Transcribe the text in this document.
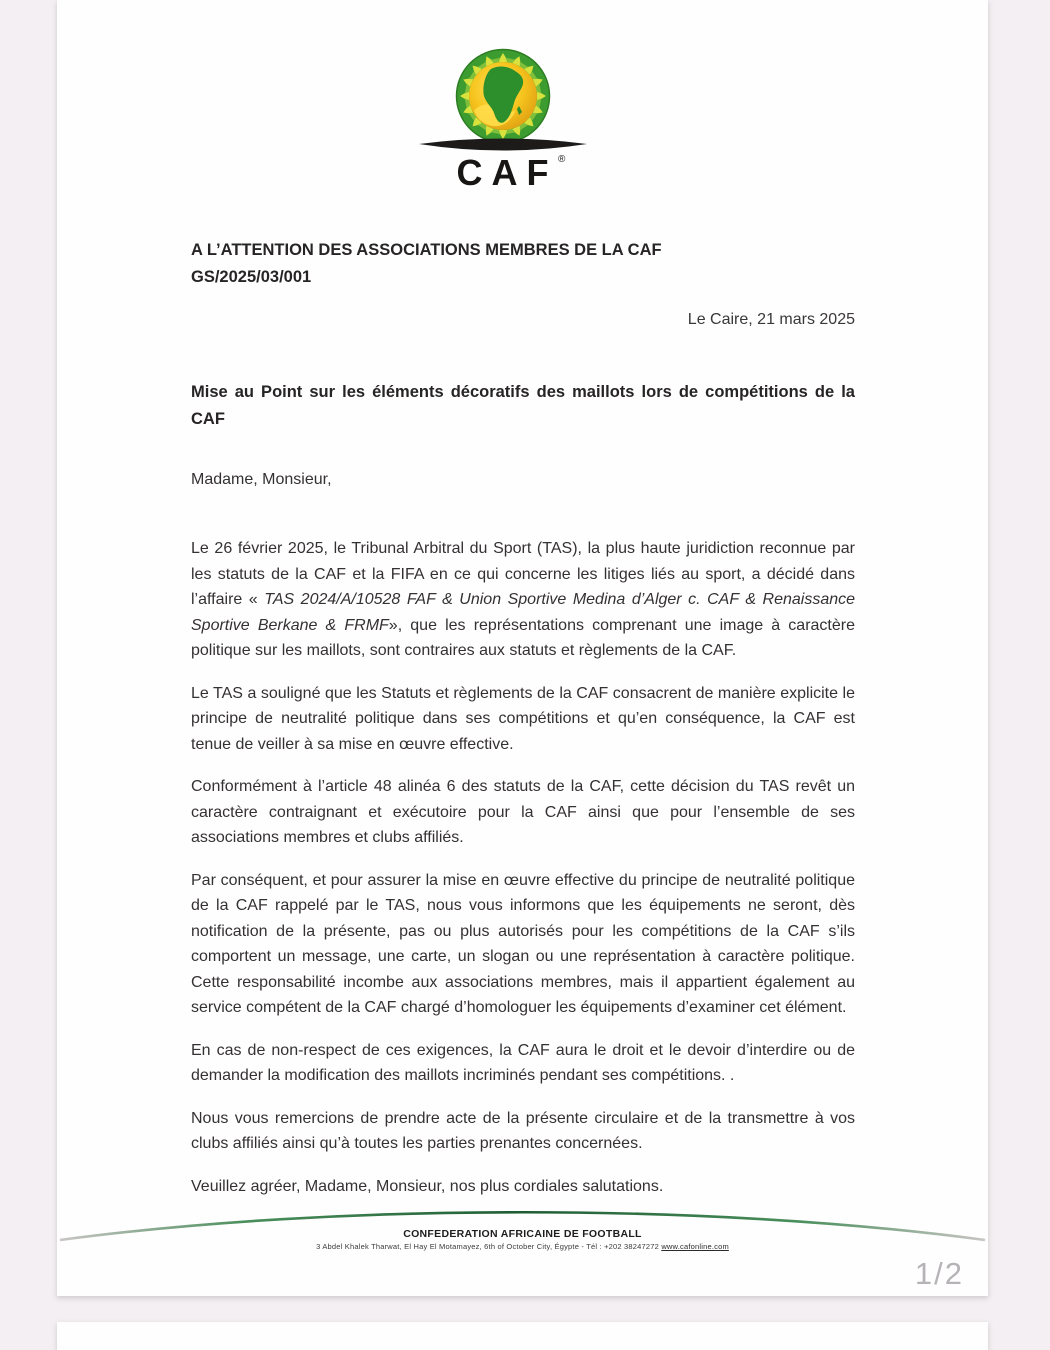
CAF ®
A L’ATTENTION DES ASSOCIATIONS MEMBRES DE LA CAF
GS/2025/03/001
Le Caire, 21 mars 2025
Mise au Point sur les éléments décoratifs des maillots lors de compétitions de la CAF
Madame, Monsieur,

Le 26 février 2025, le Tribunal Arbitral du Sport (TAS), la plus haute juridiction reconnue par les statuts de la CAF et la FIFA en ce qui concerne les litiges liés au sport, a décidé dans l’affaire « TAS 2024/A/10528 FAF & Union Sportive Medina d’Alger c. CAF & Renaissance Sportive Berkane & FRMF», que les représentations comprenant une image à caractère politique sur les maillots, sont contraires aux statuts et règlements de la CAF.

Le TAS a souligné que les Statuts et règlements de la CAF consacrent de manière explicite le principe de neutralité politique dans ses compétitions et qu’en conséquence, la CAF est tenue de veiller à sa mise en œuvre effective.

Conformément à l’article 48 alinéa 6 des statuts de la CAF, cette décision du TAS revêt un caractère contraignant et exécutoire pour la CAF ainsi que pour l’ensemble de ses associations membres et clubs affiliés.

Par conséquent, et pour assurer la mise en œuvre effective du principe de neutralité politique de la CAF rappelé par le TAS, nous vous informons que les équipements ne seront, dès notification de la présente, pas ou plus autorisés pour les compétitions de la CAF s’ils comportent un message, une carte, un slogan ou une représentation à caractère politique. Cette responsabilité incombe aux associations membres, mais il appartient également au service compétent de la CAF chargé d’homologuer les équipements d’examiner cet élément.

En cas de non-respect de ces exigences, la CAF aura le droit et le devoir d’interdire ou de demander la modification des maillots incriminés pendant ses compétitions. .

Nous vous remercions de prendre acte de la présente circulaire et de la transmettre à vos clubs affiliés ainsi qu’à toutes les parties prenantes concernées.

Veuillez agréer, Madame, Monsieur, nos plus cordiales salutations.

CONFEDERATION AFRICAINE DE FOOTBALL
3 Abdel Khalek Tharwat, El Hay El Motamayez, 6th of October City, Égypte - Tél : +202 38247272 www.cafonline.com
1/2
